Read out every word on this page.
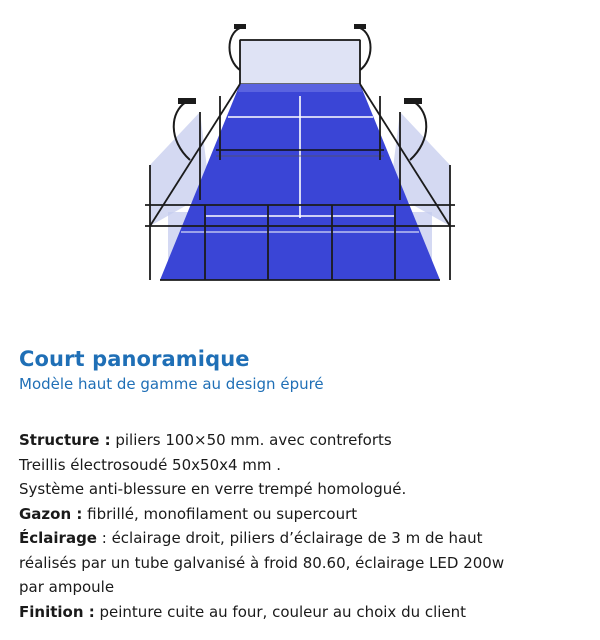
Court panoramique

Modèle haut de gamme au design épuré

Structure : piliers 100×50 mm. avec contreforts
Treillis électrosoudé 50x50x4 mm .
Système anti-blessure en verre trempé homologué.
Gazon : fibrillé, monofilament ou supercourt
Éclairage : éclairage droit, piliers d’éclairage de 3 m de haut
réalisés par un tube galvanisé à froid 80.60, éclairage LED 200w
par ampoule
Finition : peinture cuite au four, couleur au choix du client
